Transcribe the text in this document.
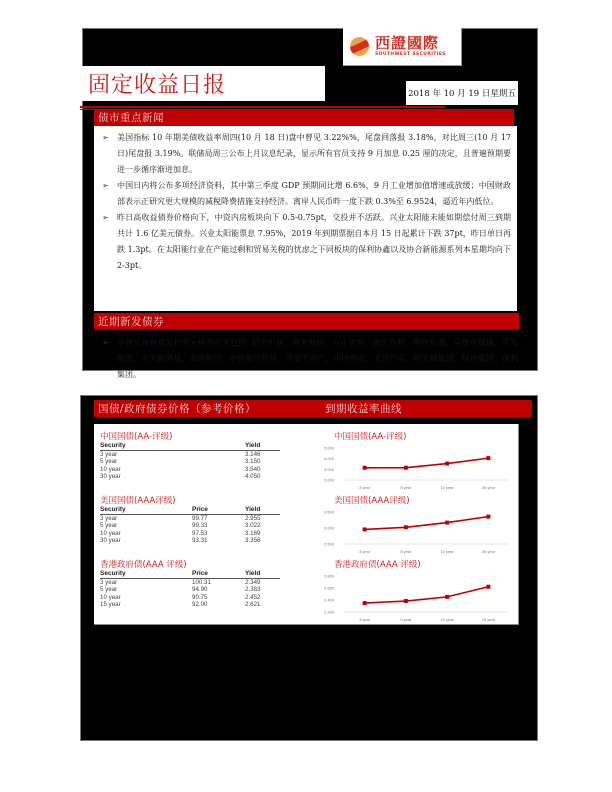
西證國際
SOUTHWEST SECURITIES
固定收益日报	2018 年 10 月 19 日星期五
债市重点新闻
➢ 美国指标 10 年期美债收益率周四(10 月 18 日)盘中曾见 3.22%%，尾盘回落报 3.18%，对比周三(10 月 17 日)尾盘报 3.19%。联储局周三公布上月议息纪录，显示所有官员支持 9 月加息 0.25 厘的决定，且普遍预期要进一步循序渐进加息。
➢ 中国日内将公布多项经济资料，其中第三季度 GDP 预期同比增 6.6%，9 月工业增加值增速或放缓；中国财政部表示正研究更大规模的减税降费措施支持经济。离岸人民币昨一度下跌 0.3%至 6.9524，逼近年内低位。
➢ 昨日高收益债券价格向下，中资内房板块向下 0.5-0.75pt，交投并不活跃。兴业太阳能未能如期偿付周三到期共计 1.6 亿美元债券。兴业太阳能票息 7.95%，2019 年到期票据自本月 15 日起累计下跌 37pt，昨日单日再跌 1.3pt。在太阳能行业在产能过剩和贸易关税的忧虑之下同板块的保利协鑫以及协合新能源系列本星期均向下 2-3pt。
近期新发债券
➢ 早前公布有意发行美元债券企业包括: 招金矿业、国家电投、方正证券、浙江吉利、柳州东通、常德市城建、华发集团、光大新鸿基、海南航空、中银航空租赁、平安不动产、中国铝业、北京汽车、阳光城集团、绿地集团、保利集团。
国债/政府债券价格（参考价格）	到期收益率曲线
中国国债(AA-评级)
Security		Yield
3 year		3.146
5 year		3.150
10 year		3.540
30 year		4.050
美国国债(AAA评级)
Security	Price	Yield
3 year	99.77	2.955
5 year	99.33	3.022
10 year	97.53	3.169
30 year	93.31	3.356
香港政府债(AAA 评级)
Security	Price	Yield
3 year	100.31	2.349
5 year	94.90	2.383
10 year	90.75	2.452
15 year	92.00	2.621
中国国债(AA-评级)
5.000
4.000
3.000
2.000
3 year	5 year	10 year	30 year
美国国债(AAA评级)
3.500
3.000
2.500
3 year	5 year	10 year	30 year
香港政府债(AAA 评级)
2.800
2.600
2.400
2.200
3 year	5 year	10 year	15 year
